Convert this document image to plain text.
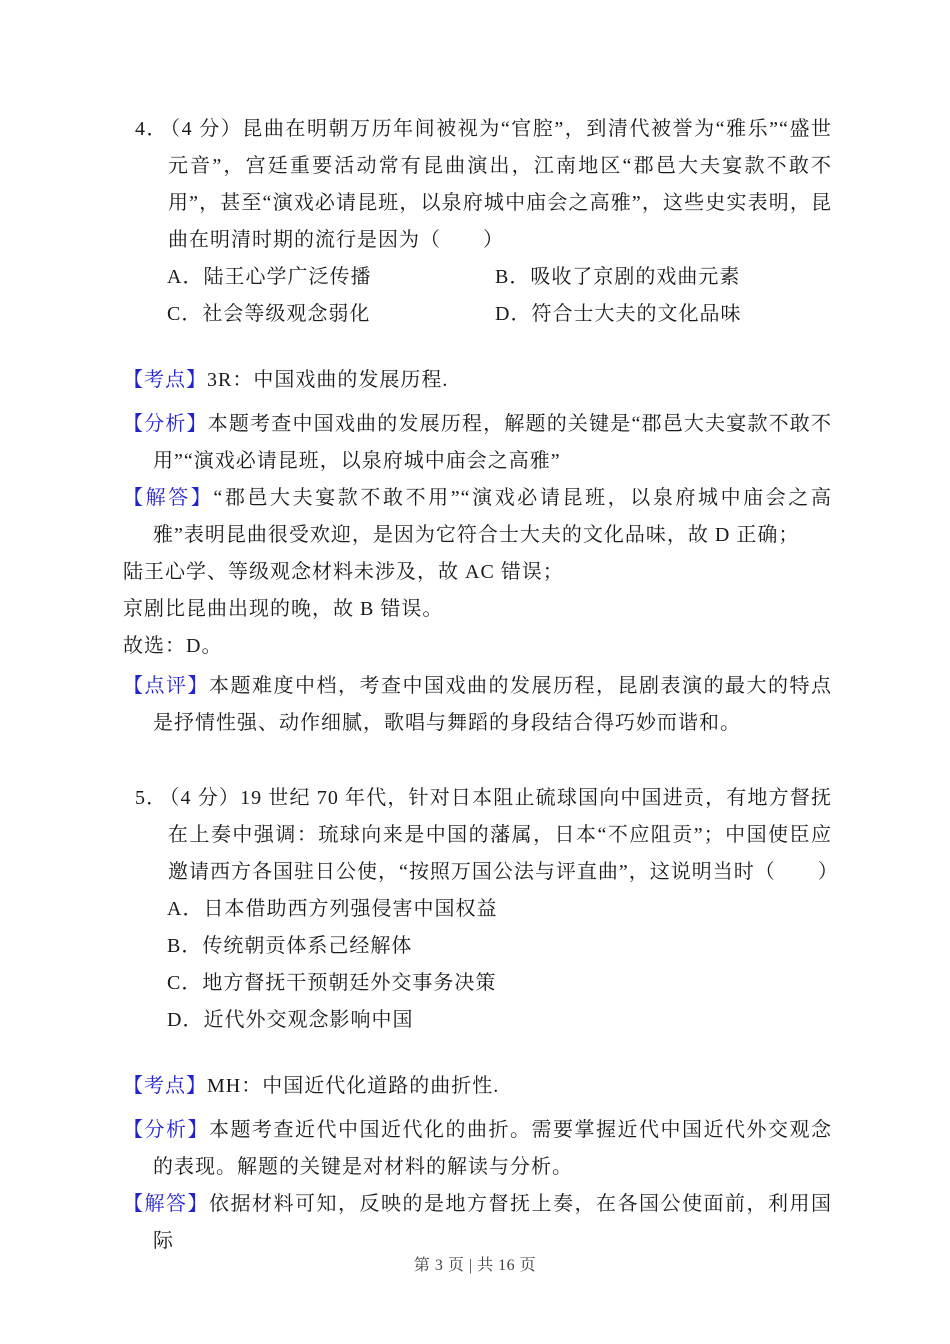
4． （4 分）昆曲在明朝万历年间被视为“官腔”，到清代被誉为“雅乐”“盛世元音”，宫廷重要活动常有昆曲演出，江南地区“郡邑大夫宴款不敢不用”，甚至“演戏必请昆班，以泉府城中庙会之高雅”，这些史实表明，昆曲在明清时期的流行是因为（　　）

A．陆王心学广泛传播	B．吸收了京剧的戏曲元素
C．社会等级观念弱化	D．符合士大夫的文化品味

【考点】3R：中国戏曲的发展历程.

【分析】本题考查中国戏曲的发展历程，解题的关键是“郡邑大夫宴款不敢不用”“演戏必请昆班，以泉府城中庙会之高雅”

【解答】“郡邑大夫宴款不敢不用”“演戏必请昆班，以泉府城中庙会之高雅”表明昆曲很受欢迎，是因为它符合士大夫的文化品味，故 D 正确；

陆王心学、等级观念材料未涉及，故 AC 错误；

京剧比昆曲出现的晚，故 B 错误。

故选：D。

【点评】本题难度中档，考查中国戏曲的发展历程，昆剧表演的最大的特点是抒情性强、动作细腻，歌唱与舞蹈的身段结合得巧妙而谐和。

5． （4 分）19 世纪 70 年代，针对日本阻止硫球国向中国进贡，有地方督抚在上奏中强调：琉球向来是中国的藩属，日本“不应阻贡”；中国使臣应邀请西方各国驻日公使，“按照万国公法与评直曲”，这说明当时（　　）

A．日本借助西方列强侵害中国权益
B．传统朝贡体系己经解体
C．地方督抚干预朝廷外交事务决策
D．近代外交观念影响中国

【考点】MH：中国近代化道路的曲折性.

【分析】本题考查近代中国近代化的曲折。需要掌握近代中国近代外交观念的表现。解题的关键是对材料的解读与分析。

【解答】依据材料可知，反映的是地方督抚上奏，在各国公使面前，利用国际

第 3 页 | 共 16 页
